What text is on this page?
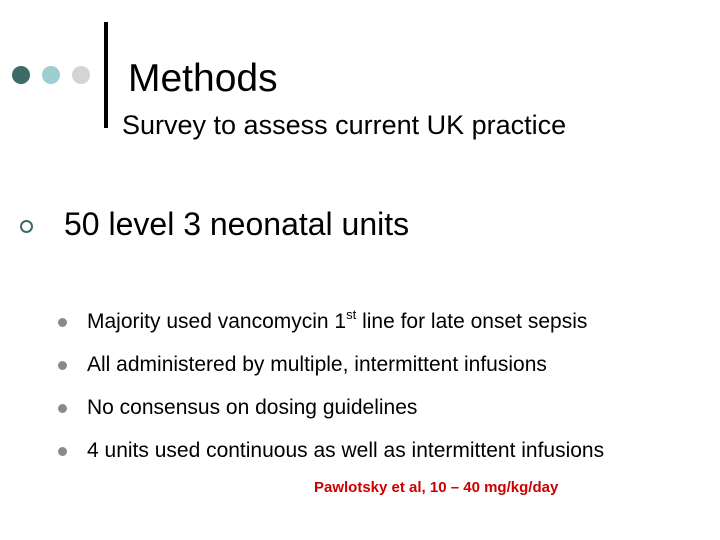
Methods
Survey to assess current UK practice
50 level 3 neonatal units
Majority used vancomycin 1st line for late onset sepsis
All administered by multiple, intermittent infusions
No consensus on dosing guidelines
4 units used continuous as well as intermittent infusions
Pawlotsky et al, 10 – 40 mg/kg/day
